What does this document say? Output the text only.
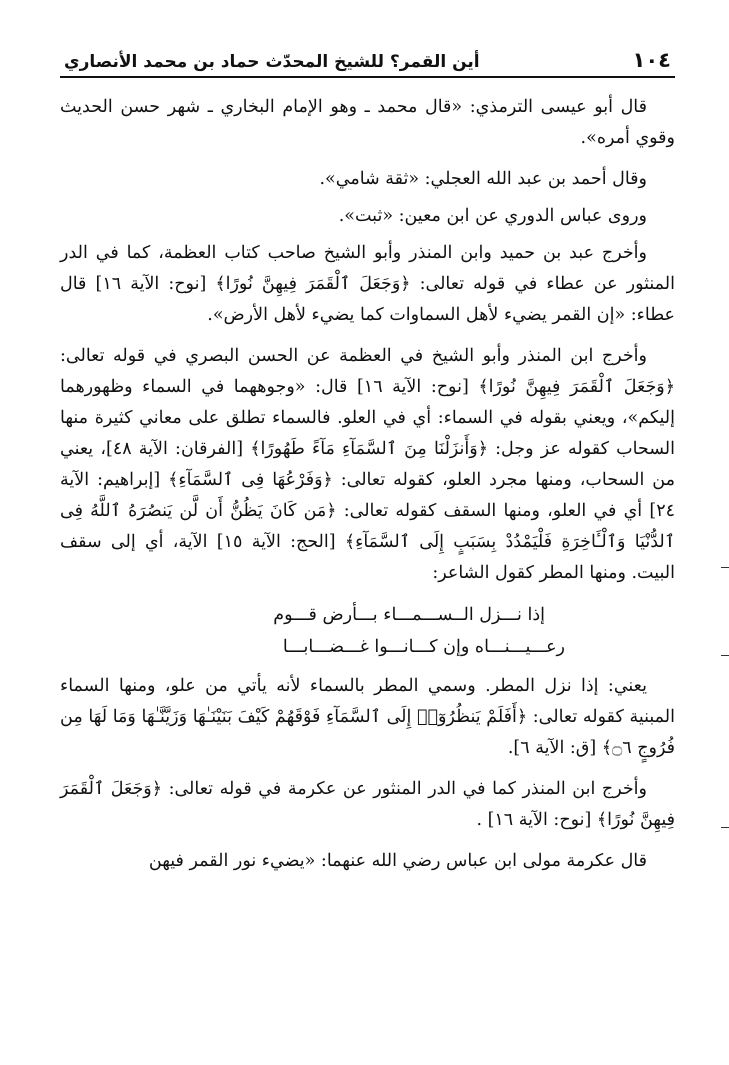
١٠٤
أين القمر؟ للشيخ المحدّث حماد بن محمد الأنصاري

قال أبو عيسى الترمذي: «قال محمد ـ وهو الإمام البخاري ـ شهر حسن الحديث وقوي أمره».

وقال أحمد بن عبد الله العجلي: «ثقة شامي».

وروى عباس الدوري عن ابن معين: «ثبت».

وأخرج عبد بن حميد وابن المنذر وأبو الشيخ صاحب كتاب العظمة، كما في الدر المنثور عن عطاء في قوله تعالى: ﴿وَجَعَلَ ٱلْقَمَرَ فِيهِنَّ نُورًا﴾ [نوح: الآية ١٦] قال عطاء: «إن القمر يضيء لأهل السماوات كما يضيء لأهل الأرض».

وأخرج ابن المنذر وأبو الشيخ في العظمة عن الحسن البصري في قوله تعالى: ﴿وَجَعَلَ ٱلْقَمَرَ فِيهِنَّ نُورًا﴾ [نوح: الآية ١٦] قال: «وجوههما في السماء وظهورهما إليكم»، ويعني بقوله في السماء: أي في العلو. فالسماء تطلق على معاني كثيرة منها السحاب كقوله عز وجل: ﴿وَأَنزَلْنَا مِنَ ٱلسَّمَآءِ مَآءً طَهُورًا﴾ [الفرقان: الآية ٤٨]، يعني من السحاب، ومنها مجرد العلو، كقوله تعالى: ﴿وَفَرْعُهَا فِى ٱلسَّمَآءِ﴾ [إبراهيم: الآية ٢٤] أي في العلو، ومنها السقف كقوله تعالى: ﴿مَن كَانَ يَظُنُّ أَن لَّن يَنصُرَهُ ٱللَّهُ فِى ٱلدُّنْيَا وَٱلْـَٔاخِرَةِ فَلْيَمْدُدْ بِسَبَبٍ إِلَى ٱلسَّمَآءِ﴾ [الحج: الآية ١٥] الآية، أي إلى سقف البيت. ومنها المطر كقول الشاعر:

إذا نـــزل الــســـمـــاء بـــأرض قـــوم
رعـــيـــنـــاه وإن كـــانـــوا غـــضـــابـــا

يعني: إذا نزل المطر. وسمي المطر بالسماء لأنه يأتي من علو، ومنها السماء المبنية كقوله تعالى: ﴿أَفَلَمْ يَنظُرُوٓا۟ إِلَى ٱلسَّمَآءِ فَوْقَهُمْ كَيْفَ بَنَيْنَـٰهَا وَزَيَّنَّـٰهَا وَمَا لَهَا مِن فُرُوجٍ ۝٦﴾ [ق: الآية ٦].

وأخرج ابن المنذر كما في الدر المنثور عن عكرمة في قوله تعالى: ﴿وَجَعَلَ ٱلْقَمَرَ فِيهِنَّ نُورًا﴾ [نوح: الآية ١٦] .

قال عكرمة مولى ابن عباس رضي الله عنهما: «يضيء نور القمر فيهن
